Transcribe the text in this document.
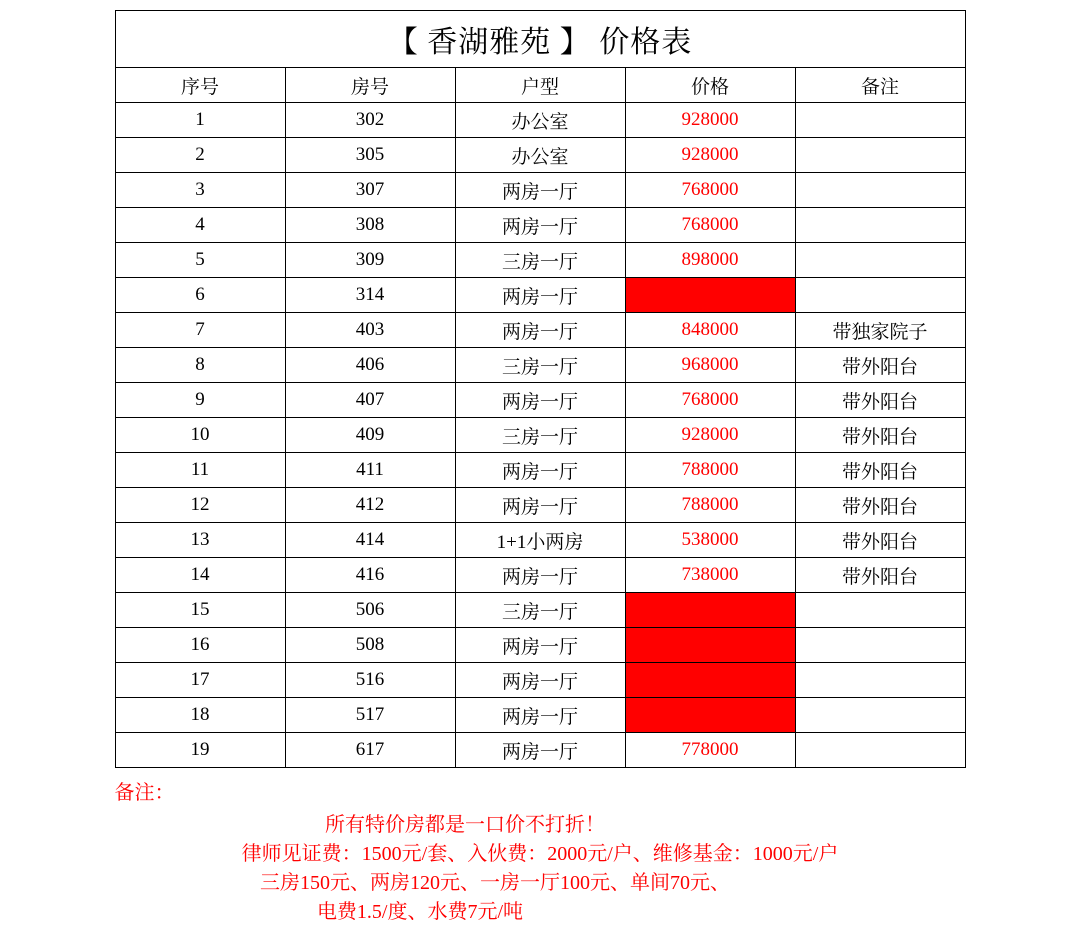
【 香湖雅苑 】 价格表				
序号	房号	户型	价格	备注
1	302	办公室	928000	
2	305	办公室	928000	
3	307	两房一厅	768000	
4	308	两房一厅	768000	
5	309	三房一厅	898000	
6	314	两房一厅		
7	403	两房一厅	848000	带独家院子
8	406	三房一厅	968000	带外阳台
9	407	两房一厅	768000	带外阳台
10	409	三房一厅	928000	带外阳台
11	411	两房一厅	788000	带外阳台
12	412	两房一厅	788000	带外阳台
13	414	1+1小两房	538000	带外阳台
14	416	两房一厅	738000	带外阳台
15	506	三房一厅		
16	508	两房一厅		
17	516	两房一厅		
18	517	两房一厅		
19	617	两房一厅	778000	
备注：
所有特价房都是一口价不打折！
律师见证费：1500元/套、入伙费：2000元/户、维修基金：1000元/户
三房150元、两房120元、一房一厅100元、单间70元、
电费1.5/度、水费7元/吨
